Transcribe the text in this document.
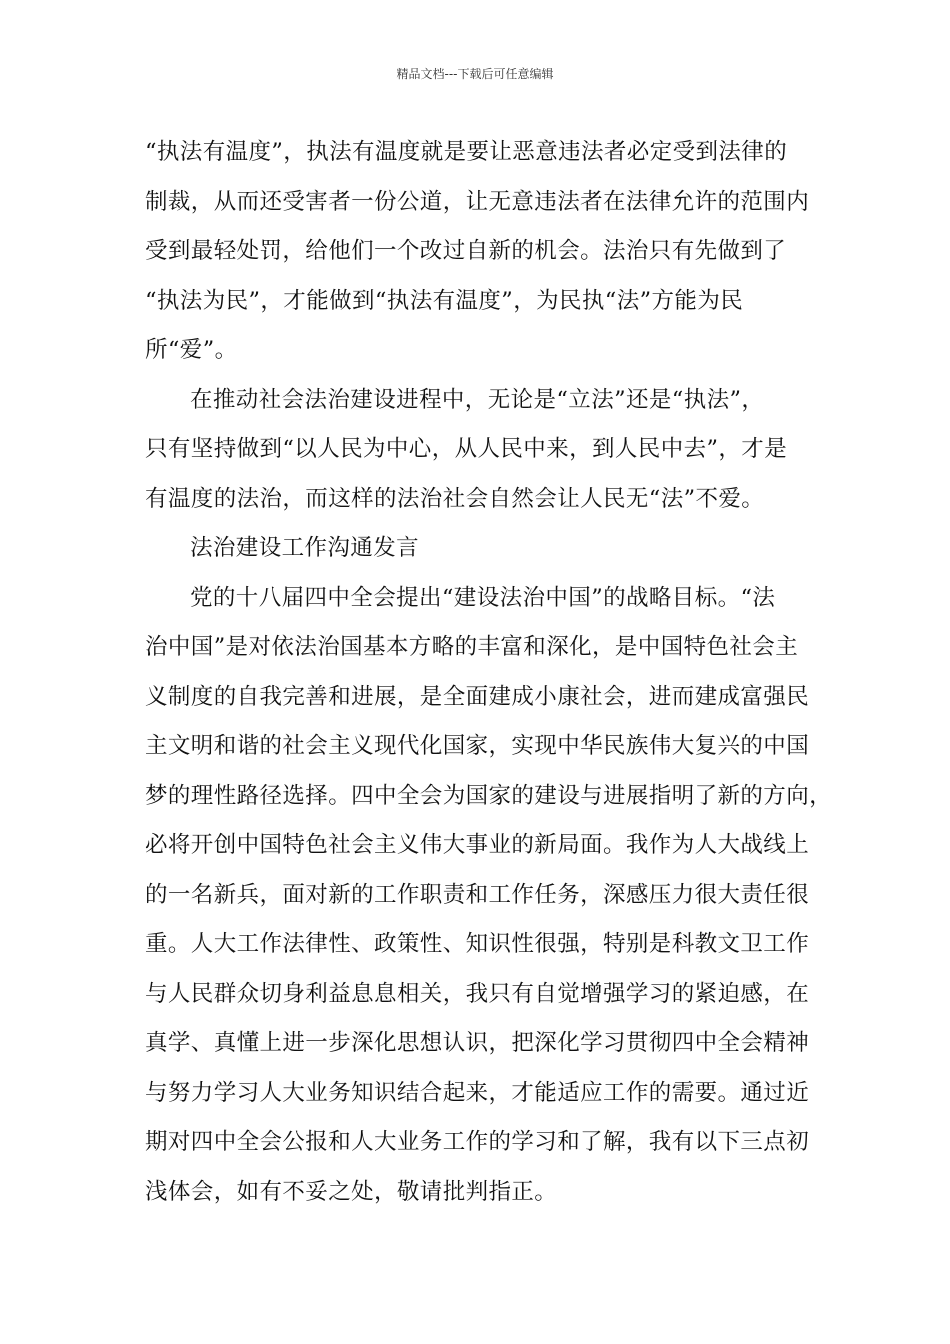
精品文档---下载后可任意编辑
“执法有温度”，执法有温度就是要让恶意违法者必定受到法律的
制裁，从而还受害者一份公道，让无意违法者在法律允许的范围内
受到最轻处罚，给他们一个改过自新的机会。法治只有先做到了
“执法为民”，才能做到“执法有温度”，为民执“法”方能为民
所“爱”。
在推动社会法治建设进程中，无论是“立法”还是“执法”，
只有坚持做到“以人民为中心，从人民中来，到人民中去”，才是
有温度的法治，而这样的法治社会自然会让人民无“法”不爱。
法治建设工作沟通发言
党的十八届四中全会提出“建设法治中国”的战略目标。“法
治中国”是对依法治国基本方略的丰富和深化，是中国特色社会主
义制度的自我完善和进展，是全面建成小康社会，进而建成富强民
主文明和谐的社会主义现代化国家，实现中华民族伟大复兴的中国
梦的理性路径选择。四中全会为国家的建设与进展指明了新的方向，
必将开创中国特色社会主义伟大事业的新局面。我作为人大战线上
的一名新兵，面对新的工作职责和工作任务，深感压力很大责任很
重。人大工作法律性、政策性、知识性很强，特别是科教文卫工作
与人民群众切身利益息息相关，我只有自觉增强学习的紧迫感，在
真学、真懂上进一步深化思想认识，把深化学习贯彻四中全会精神
与努力学习人大业务知识结合起来，才能适应工作的需要。通过近
期对四中全会公报和人大业务工作的学习和了解，我有以下三点初
浅体会，如有不妥之处，敬请批判指正。
